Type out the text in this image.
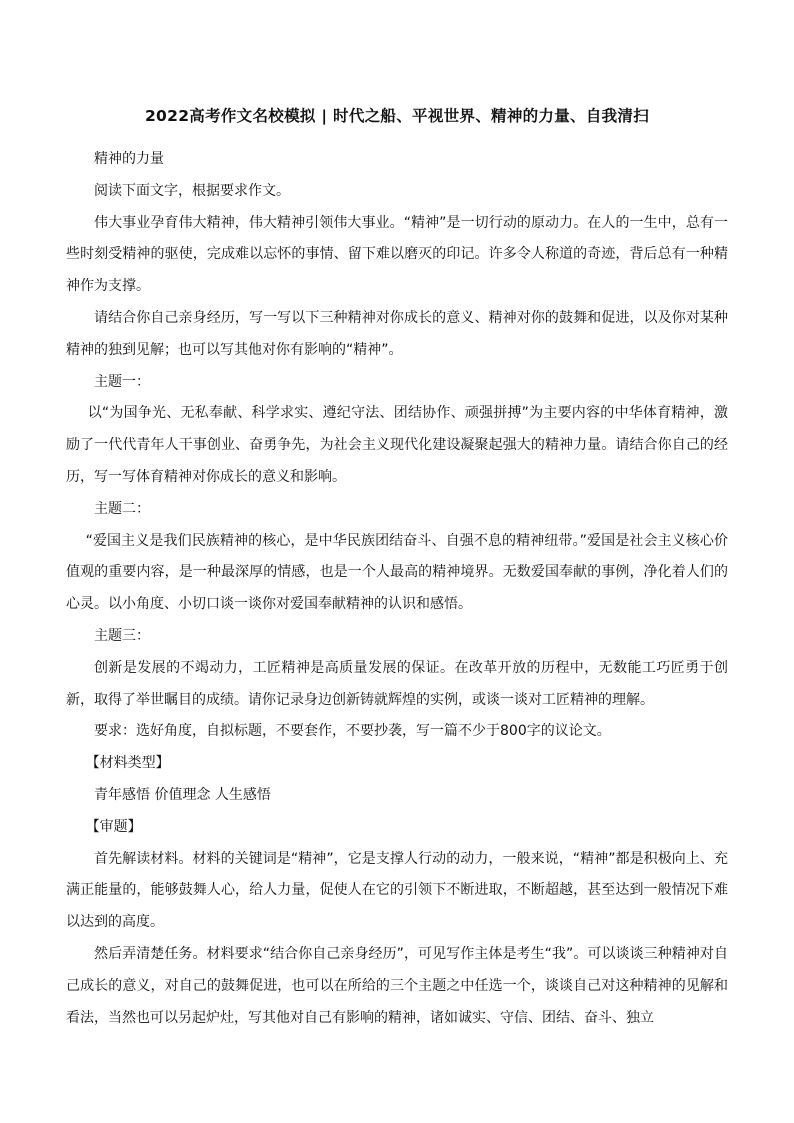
2022高考作文名校模拟 | 时代之船、平视世界、精神的力量、自我清扫

精神的力量

阅读下面文字，根据要求作文。

伟大事业孕育伟大精神，伟大精神引领伟大事业。“精神”是一切行动的原动力。在人的一生中，总有一些时刻受精神的驱使，完成难以忘怀的事情、留下难以磨灭的印记。许多令人称道的奇迹，背后总有一种精神作为支撑。

请结合你自己亲身经历，写一写以下三种精神对你成长的意义、精神对你的鼓舞和促进，以及你对某种精神的独到见解；也可以写其他对你有影响的“精神”。

主题一：

以“为国争光、无私奉献、科学求实、遵纪守法、团结协作、顽强拼搏”为主要内容的中华体育精神，激励了一代代青年人干事创业、奋勇争先，为社会主义现代化建设凝聚起强大的精神力量。请结合你自己的经历，写一写体育精神对你成长的意义和影响。

主题二：

“爱国主义是我们民族精神的核心，是中华民族团结奋斗、自强不息的精神纽带。”爱国是社会主义核心价值观的重要内容，是一种最深厚的情感，也是一个人最高的精神境界。无数爱国奉献的事例，净化着人们的心灵。以小角度、小切口谈一谈你对爱国奉献精神的认识和感悟。

主题三：

创新是发展的不竭动力，工匠精神是高质量发展的保证。在改革开放的历程中，无数能工巧匠勇于创新，取得了举世瞩目的成绩。请你记录身边创新铸就辉煌的实例，或谈一谈对工匠精神的理解。

要求：选好角度，自拟标题，不要套作，不要抄袭，写一篇不少于800字的议论文。

【材料类型】

青年感悟 价值理念 人生感悟

【审题】

首先解读材料。材料的关键词是“精神”，它是支撑人行动的动力，一般来说，“精神”都是积极向上、充满正能量的，能够鼓舞人心，给人力量，促使人在它的引领下不断进取，不断超越，甚至达到一般情况下难以达到的高度。

然后弄清楚任务。材料要求“结合你自己亲身经历”，可见写作主体是考生“我”。可以谈谈三种精神对自己成长的意义，对自己的鼓舞促进，也可以在所给的三个主题之中任选一个，谈谈自己对这种精神的见解和看法，当然也可以另起炉灶，写其他对自己有影响的精神，诸如诚实、守信、团结、奋斗、独立
